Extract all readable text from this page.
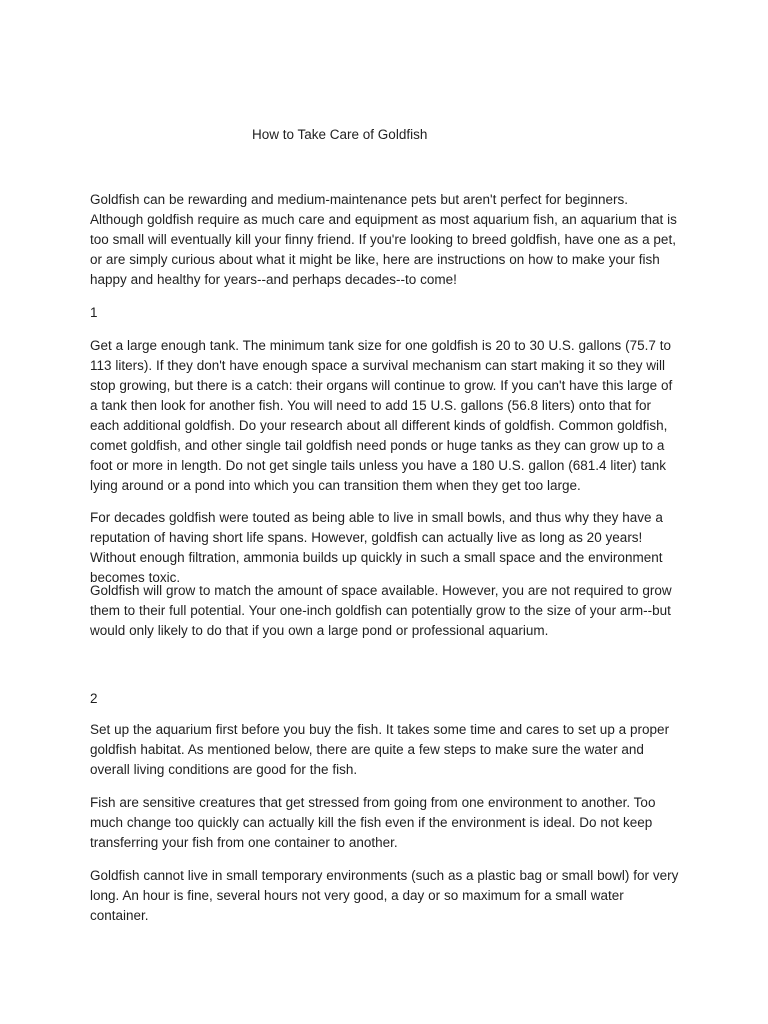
How to Take Care of Goldfish

Goldfish can be rewarding and medium-maintenance pets but aren't perfect for beginners. Although goldfish require as much care and equipment as most aquarium fish, an aquarium that is too small will eventually kill your finny friend. If you're looking to breed goldfish, have one as a pet, or are simply curious about what it might be like, here are instructions on how to make your fish happy and healthy for years--and perhaps decades--to come!

1

Get a large enough tank. The minimum tank size for one goldfish is 20 to 30 U.S. gallons (75.7 to 113 liters). If they don't have enough space a survival mechanism can start making it so they will stop growing, but there is a catch: their organs will continue to grow. If you can't have this large of a tank then look for another fish. You will need to add 15 U.S. gallons (56.8 liters) onto that for each additional goldfish. Do your research about all different kinds of goldfish. Common goldfish, comet goldfish, and other single tail goldfish need ponds or huge tanks as they can grow up to a foot or more in length. Do not get single tails unless you have a 180 U.S. gallon (681.4 liter) tank lying around or a pond into which you can transition them when they get too large.

For decades goldfish were touted as being able to live in small bowls, and thus why they have a reputation of having short life spans. However, goldfish can actually live as long as 20 years! Without enough filtration, ammonia builds up quickly in such a small space and the environment becomes toxic.

Goldfish will grow to match the amount of space available. However, you are not required to grow them to their full potential. Your one-inch goldfish can potentially grow to the size of your arm--but would only likely to do that if you own a large pond or professional aquarium.

2

Set up the aquarium first before you buy the fish. It takes some time and cares to set up a proper goldfish habitat. As mentioned below, there are quite a few steps to make sure the water and overall living conditions are good for the fish.

Fish are sensitive creatures that get stressed from going from one environment to another. Too much change too quickly can actually kill the fish even if the environment is ideal. Do not keep transferring your fish from one container to another.

Goldfish cannot live in small temporary environments (such as a plastic bag or small bowl) for very long. An hour is fine, several hours not very good, a day or so maximum for a small water container.
